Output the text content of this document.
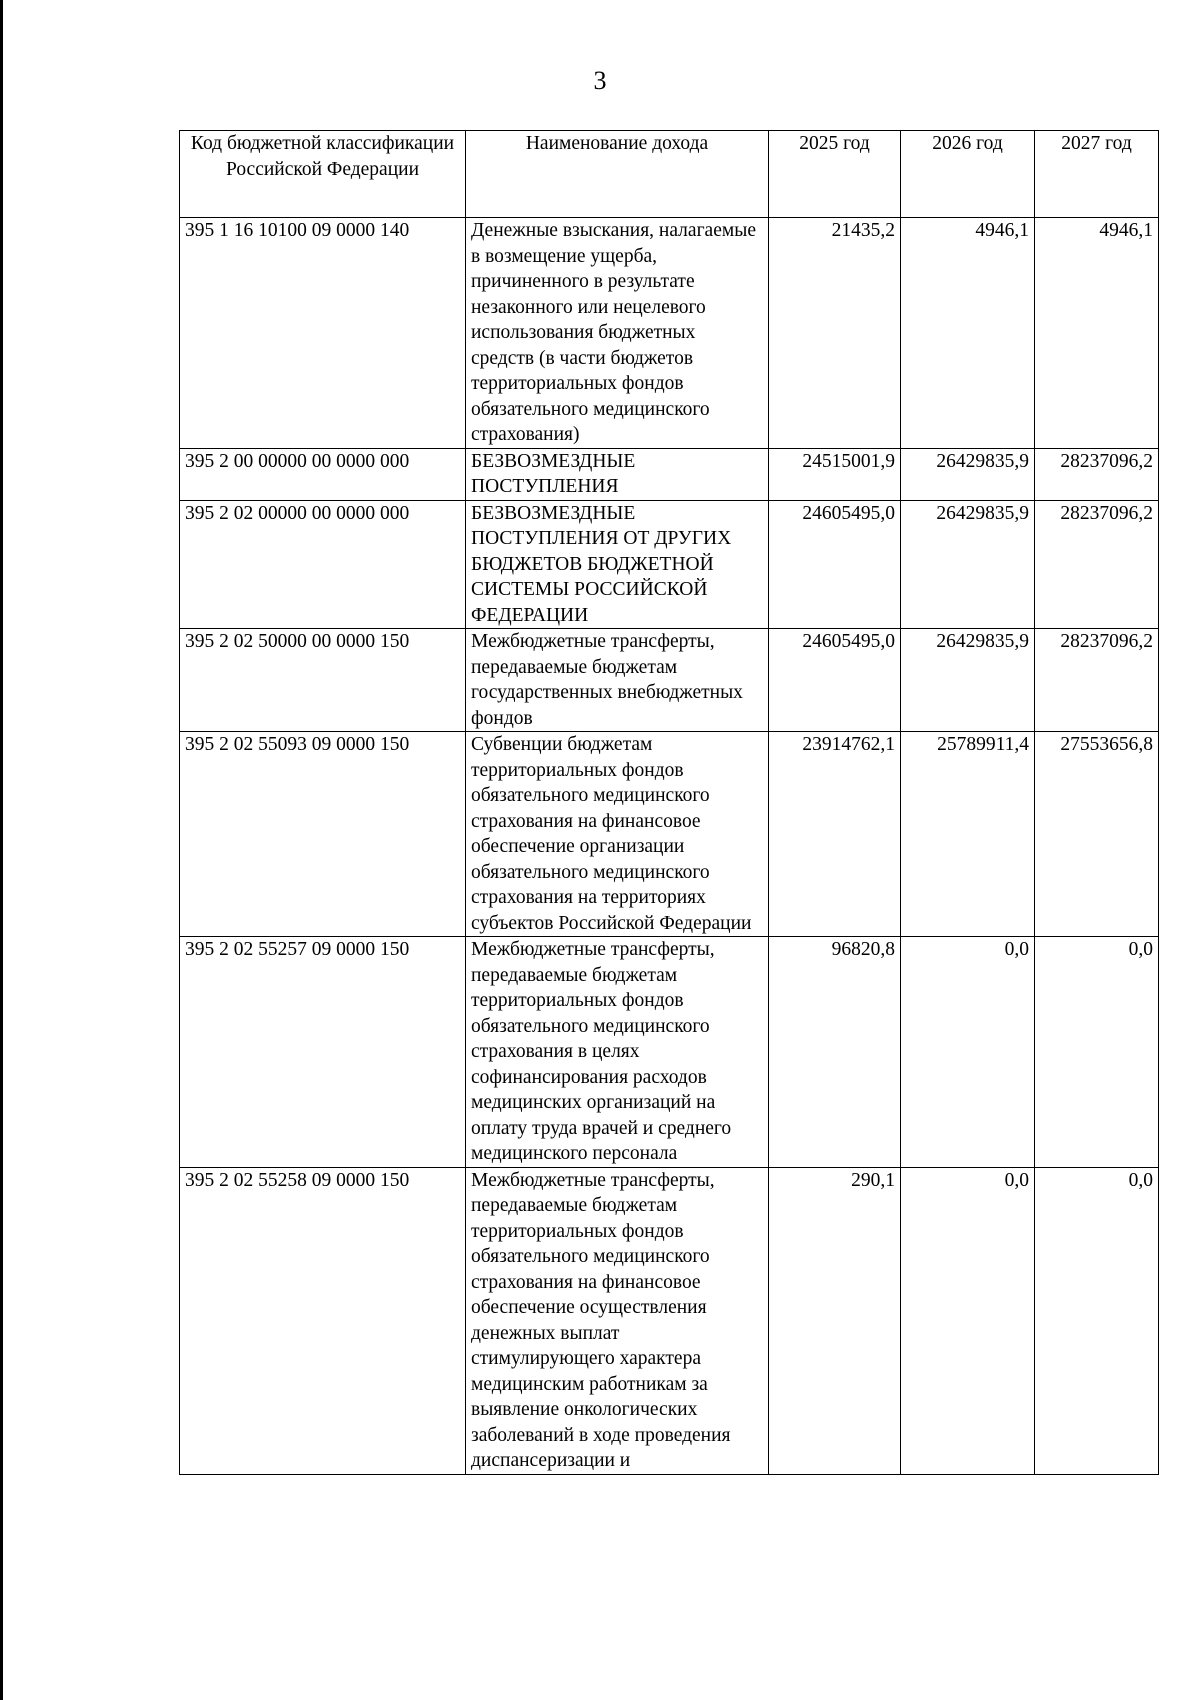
3
Код бюджетной классификации Российской Федерации	Наименование дохода	2025 год	2026 год	2027 год
395 1 16 10100 09 0000 140	Денежные взыскания, налагаемые в возмещение ущерба, причиненного в результате незаконного или нецелевого использования бюджетных средств (в части бюджетов территориальных фондов обязательного медицинского страхования)	21435,2	4946,1	4946,1
395 2 00 00000 00 0000 000	БЕЗВОЗМЕЗДНЫЕ ПОСТУПЛЕНИЯ	24515001,9	26429835,9	28237096,2
395 2 02 00000 00 0000 000	БЕЗВОЗМЕЗДНЫЕ ПОСТУПЛЕНИЯ ОТ ДРУГИХ БЮДЖЕТОВ БЮДЖЕТНОЙ СИСТЕМЫ РОССИЙСКОЙ ФЕДЕРАЦИИ	24605495,0	26429835,9	28237096,2
395 2 02 50000 00 0000 150	Межбюджетные трансферты, передаваемые бюджетам государственных внебюджетных фондов	24605495,0	26429835,9	28237096,2
395 2 02 55093 09 0000 150	Субвенции бюджетам территориальных фондов обязательного медицинского страхования на финансовое обеспечение организации обязательного медицинского страхования на территориях субъектов Российской Федерации	23914762,1	25789911,4	27553656,8
395 2 02 55257 09 0000 150	Межбюджетные трансферты, передаваемые бюджетам территориальных фондов обязательного медицинского страхования в целях софинансирования расходов медицинских организаций на оплату труда врачей и среднего медицинского персонала	96820,8	0,0	0,0
395 2 02 55258 09 0000 150	Межбюджетные трансферты, передаваемые бюджетам территориальных фондов обязательного медицинского страхования на финансовое обеспечение осуществления денежных выплат стимулирующего характера медицинским работникам за выявление онкологических заболеваний в ходе проведения диспансеризации и	290,1	0,0	0,0
